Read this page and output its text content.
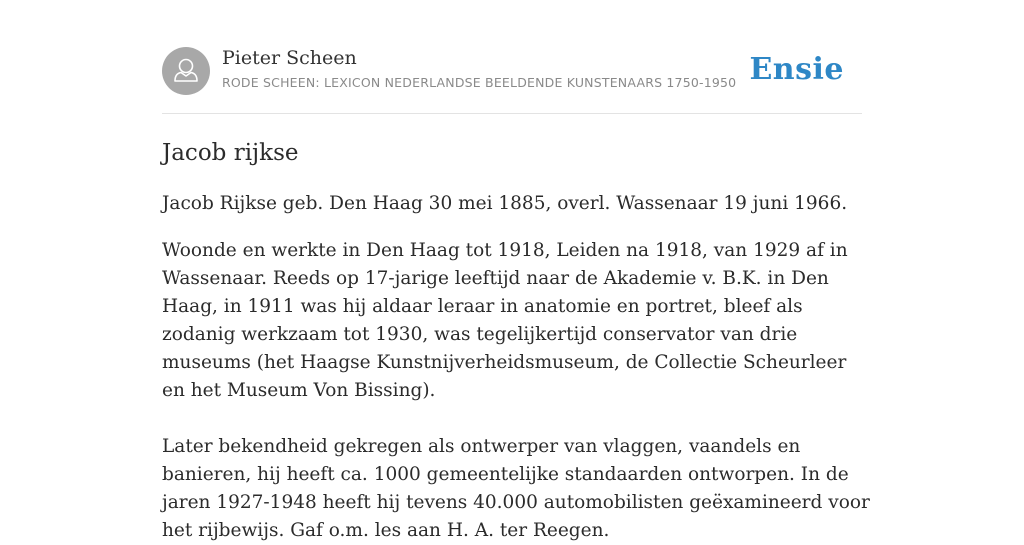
Pieter Scheen
RODE SCHEEN: LEXICON NEDERLANDSE BEELDENDE KUNSTENAARS 1750-1950 Ensie
Jacob rijkse

Jacob Rijkse geb. Den Haag 30 mei 1885, overl. Wassenaar 19 juni 1966.

Woonde en werkte in Den Haag tot 1918, Leiden na 1918, van 1929 af in Wassenaar. Reeds op 17-jarige leeftijd naar de Akademie v. B.K. in Den Haag, in 1911 was hij aldaar leraar in anatomie en portret, bleef als zodanig werkzaam tot 1930, was tegelijkertijd conservator van drie museums (het Haagse Kunstnijverheidsmuseum, de Collectie Scheurleer en het Museum Von Bissing).

Later bekendheid gekregen als ontwerper van vlaggen, vaandels en banieren, hij heeft ca. 1000 gemeentelijke standaarden ontworpen. In de jaren 1927-1948 heeft hij tevens 40.000 automobilisten geëxamineerd voor het rijbewijs. Gaf o.m. les aan H. A. ter Reegen.
